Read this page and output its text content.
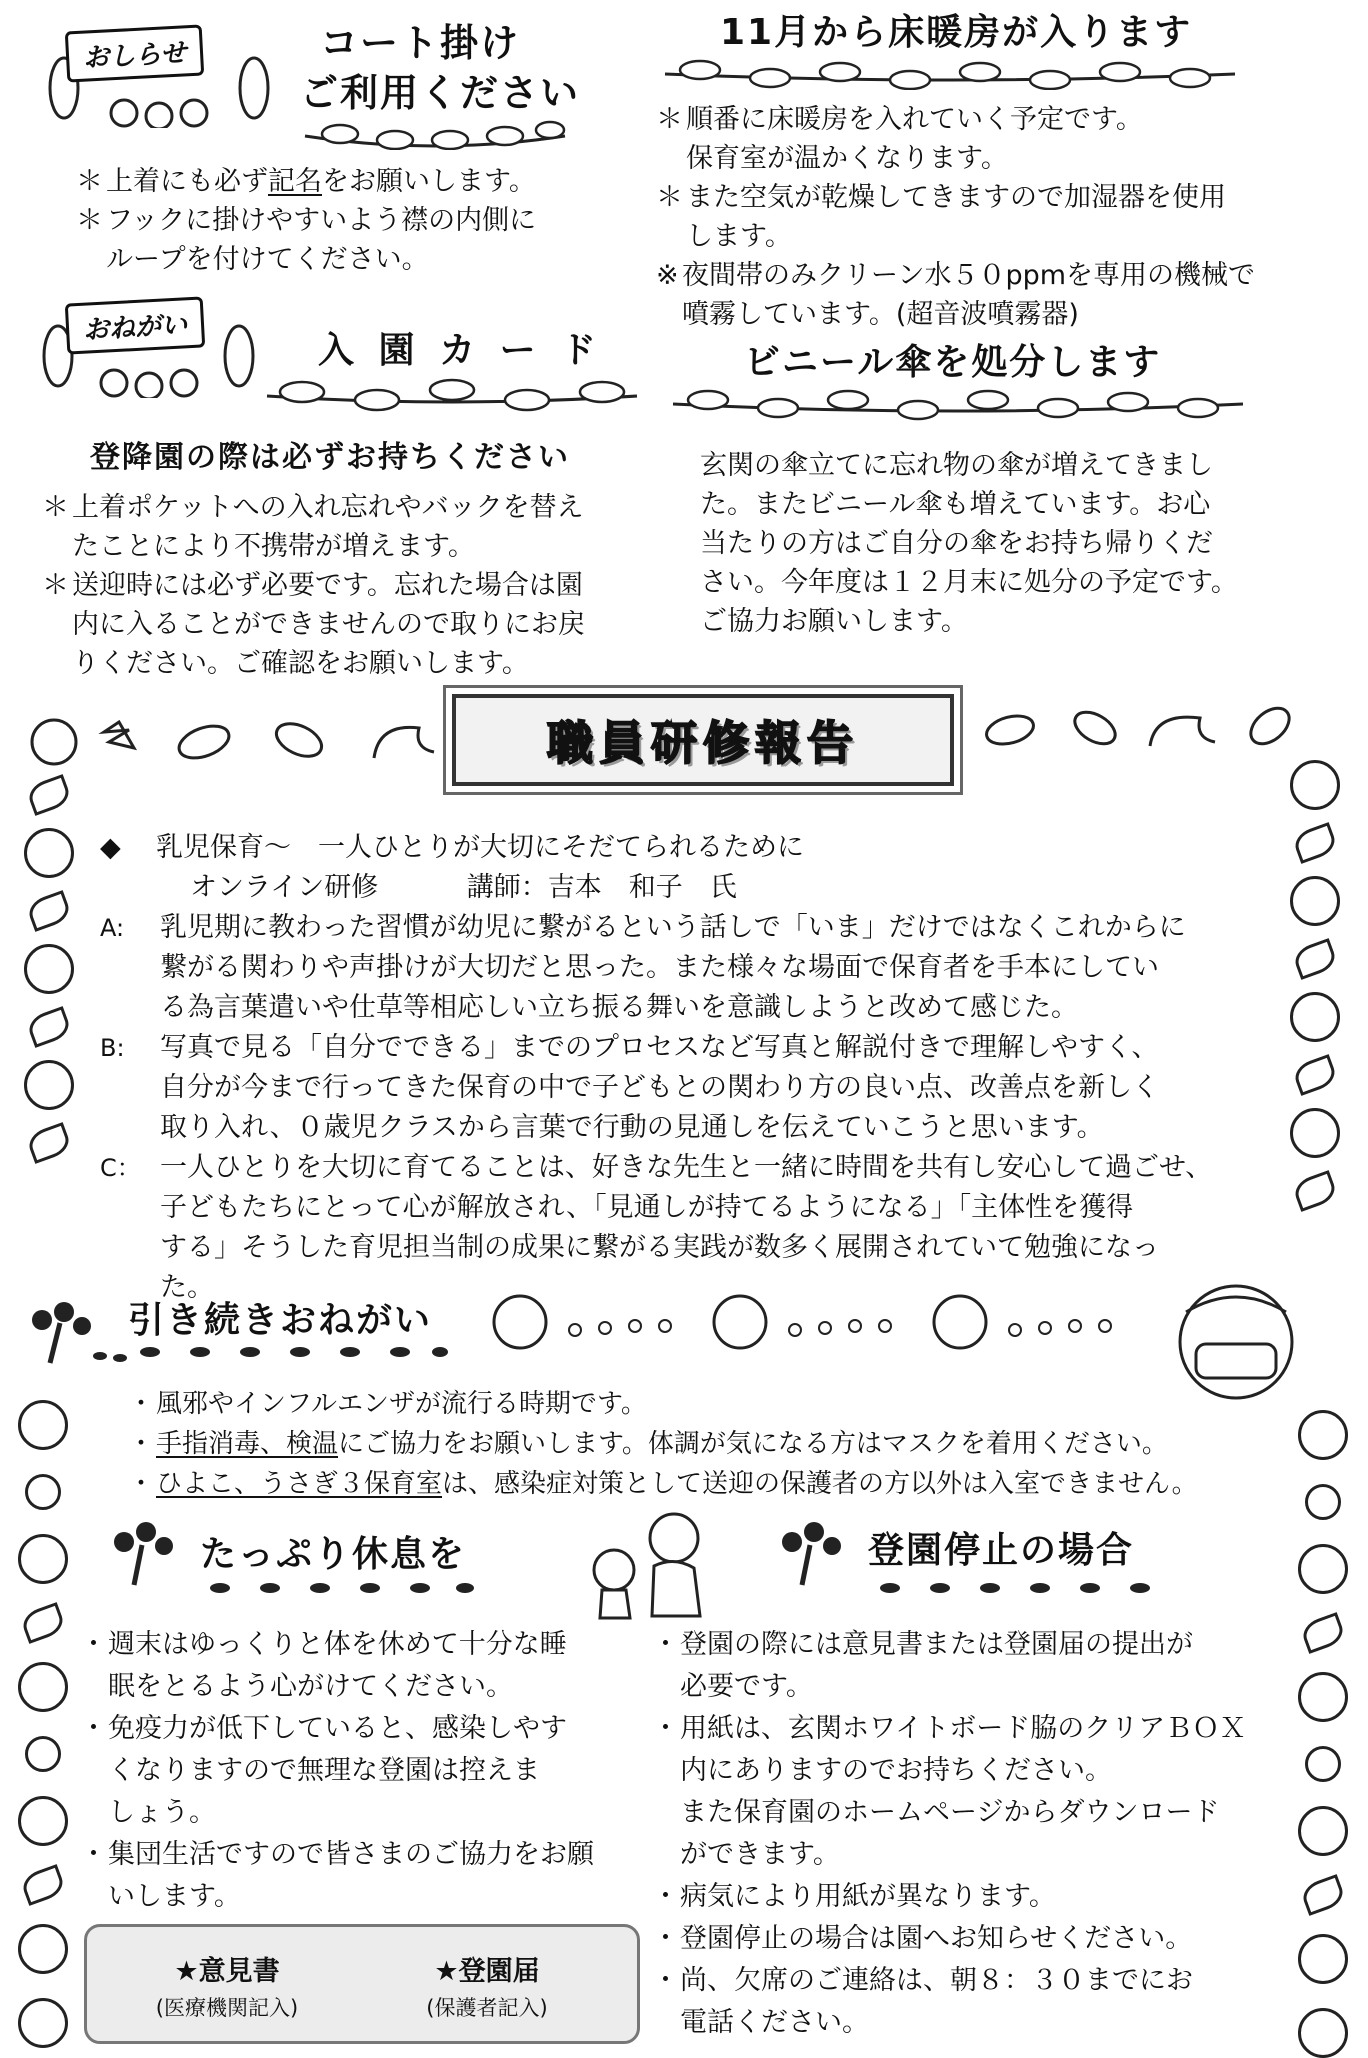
おしらせ	コート掛け
ご利用ください
＊ 上着にも必ず記名をお願いします。
＊ フックに掛けやすいよう襟の内側に
ループを付けてください。
11月から床暖房が入ります
＊ 順番に床暖房を入れていく予定です。
保育室が温かくなります。
＊ また空気が乾燥してきますので加湿器を使用
します。
※ 夜間帯のみクリーン水５０ppmを専用の機械で
噴霧しています。(超音波噴霧器)
おねがい
入 園 カ ー ド
登降園の際は必ずお持ちください
＊ 上着ポケットへの入れ忘れやバックを替え
たことにより不携帯が増えます。
＊ 送迎時には必ず必要です。忘れた場合は園
内に入ることができませんので取りにお戻
りください。ご確認をお願いします。
ビニール傘を処分します
玄関の傘立てに忘れ物の傘が増えてきまし
た。またビニール傘も増えています。お心
当たりの方はご自分の傘をお持ち帰りくだ
さい。今年度は１２月末に処分の予定です。
ご協力お願いします。
職員研修報告
◆ 乳児保育～　一人ひとりが大切にそだてられるために
オンライン研修	講師：吉本　和子　氏
A: 乳児期に教わった習慣が幼児に繋がるという話しで「いま」だけではなくこれからに

繋がる関わりや声掛けが大切だと思った。また様々な場面で保育者を手本にしてい

る為言葉遣いや仕草等相応しい立ち振る舞いを意識しようと改めて感じた。

B: 写真で見る「自分でできる」までのプロセスなど写真と解説付きで理解しやすく、

自分が今まで行ってきた保育の中で子どもとの関わり方の良い点、改善点を新しく

取り入れ、０歳児クラスから言葉で行動の見通しを伝えていこうと思います。

C： 一人ひとりを大切に育てることは、好きな先生と一緒に時間を共有し安心して過ごせ、

子どもたちにとって心が解放され、「見通しが持てるようになる」「主体性を獲得

する」そうした育児担当制の成果に繋がる実践が数多く展開されていて勉強になっ

た。

引き続きおねがい
・ 風邪やインフルエンザが流行る時期です。
・ 手指消毒、検温にご協力をお願いします。体調が気になる方はマスクを着用ください。
・ ひよこ、うさぎ３保育室は、感染症対策として送迎の保護者の方以外は入室できません。
たっぷり休息を
・ 週末はゆっくりと体を休めて十分な睡
眠をとるよう心がけてください。
・ 免疫力が低下していると、感染しやす
くなりますので無理な登園は控えま
しょう。
・ 集団生活ですので皆さまのご協力をお願
いします。
★意見書
(医療機関記入)
★登園届
(保護者記入)
登園停止の場合
・ 登園の際には意見書または登園届の提出が
必要です。
・ 用紙は、玄関ホワイトボード脇のクリアＢＯＸ
内にありますのでお持ちください。
また保育園のホームページからダウンロード
ができます。
・ 病気により用紙が異なります。
・ 登園停止の場合は園へお知らせください。
・ 尚、欠席のご連絡は、朝８：３０までにお
電話ください。
